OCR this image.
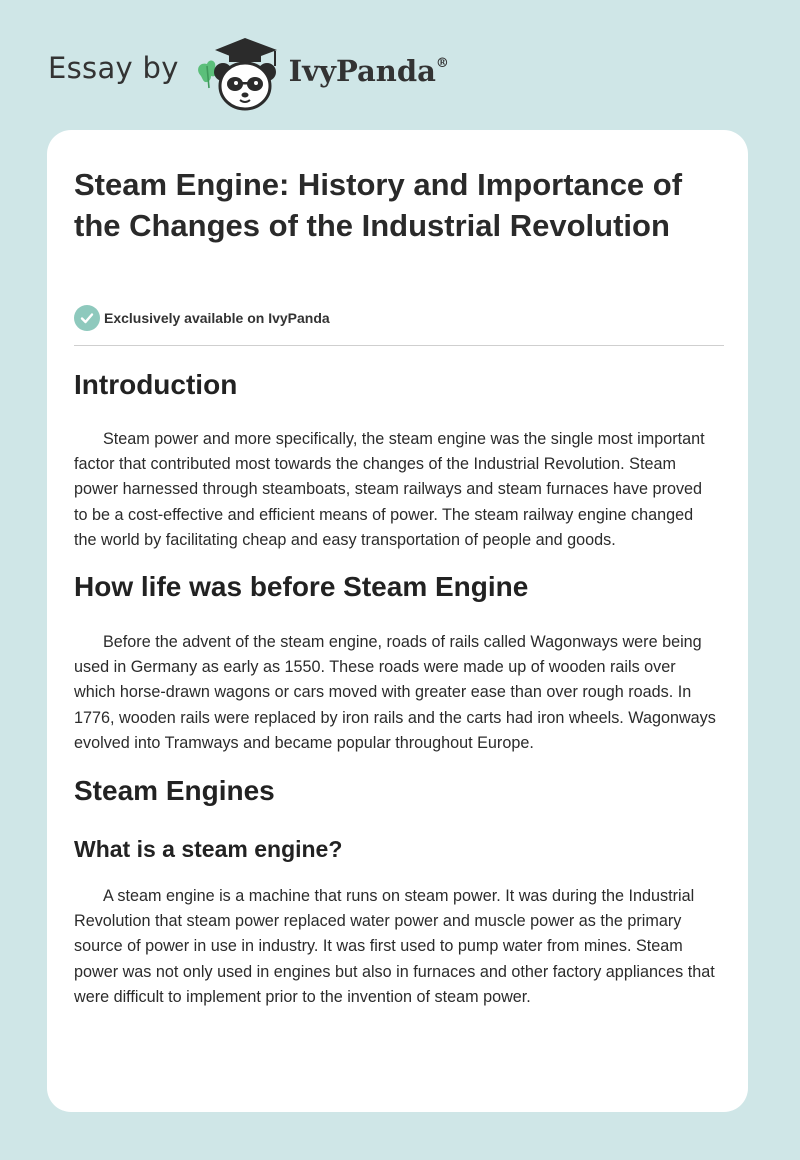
Essay by	IvyPanda®
Steam Engine: History and Importance of the Changes of the Industrial Revolution
Exclusively available on IvyPanda
Introduction

Steam power and more specifically, the steam engine was the single most important factor that contributed most towards the changes of the Industrial Revolution. Steam power harnessed through steamboats, steam railways and steam furnaces have proved to be a cost-effective and efficient means of power. The steam railway engine changed the world by facilitating cheap and easy transportation of people and goods.

How life was before Steam Engine

Before the advent of the steam engine, roads of rails called Wagonways were being used in Germany as early as 1550. These roads were made up of wooden rails over which horse-drawn wagons or cars moved with greater ease than over rough roads. In 1776, wooden rails were replaced by iron rails and the carts had iron wheels. Wagonways evolved into Tramways and became popular throughout Europe.

Steam Engines
What is a steam engine?

A steam engine is a machine that runs on steam power. It was during the Industrial Revolution that steam power replaced water power and muscle power as the primary source of power in use in industry. It was first used to pump water from mines. Steam power was not only used in engines but also in furnaces and other factory appliances that were difficult to implement prior to the invention of steam power.
